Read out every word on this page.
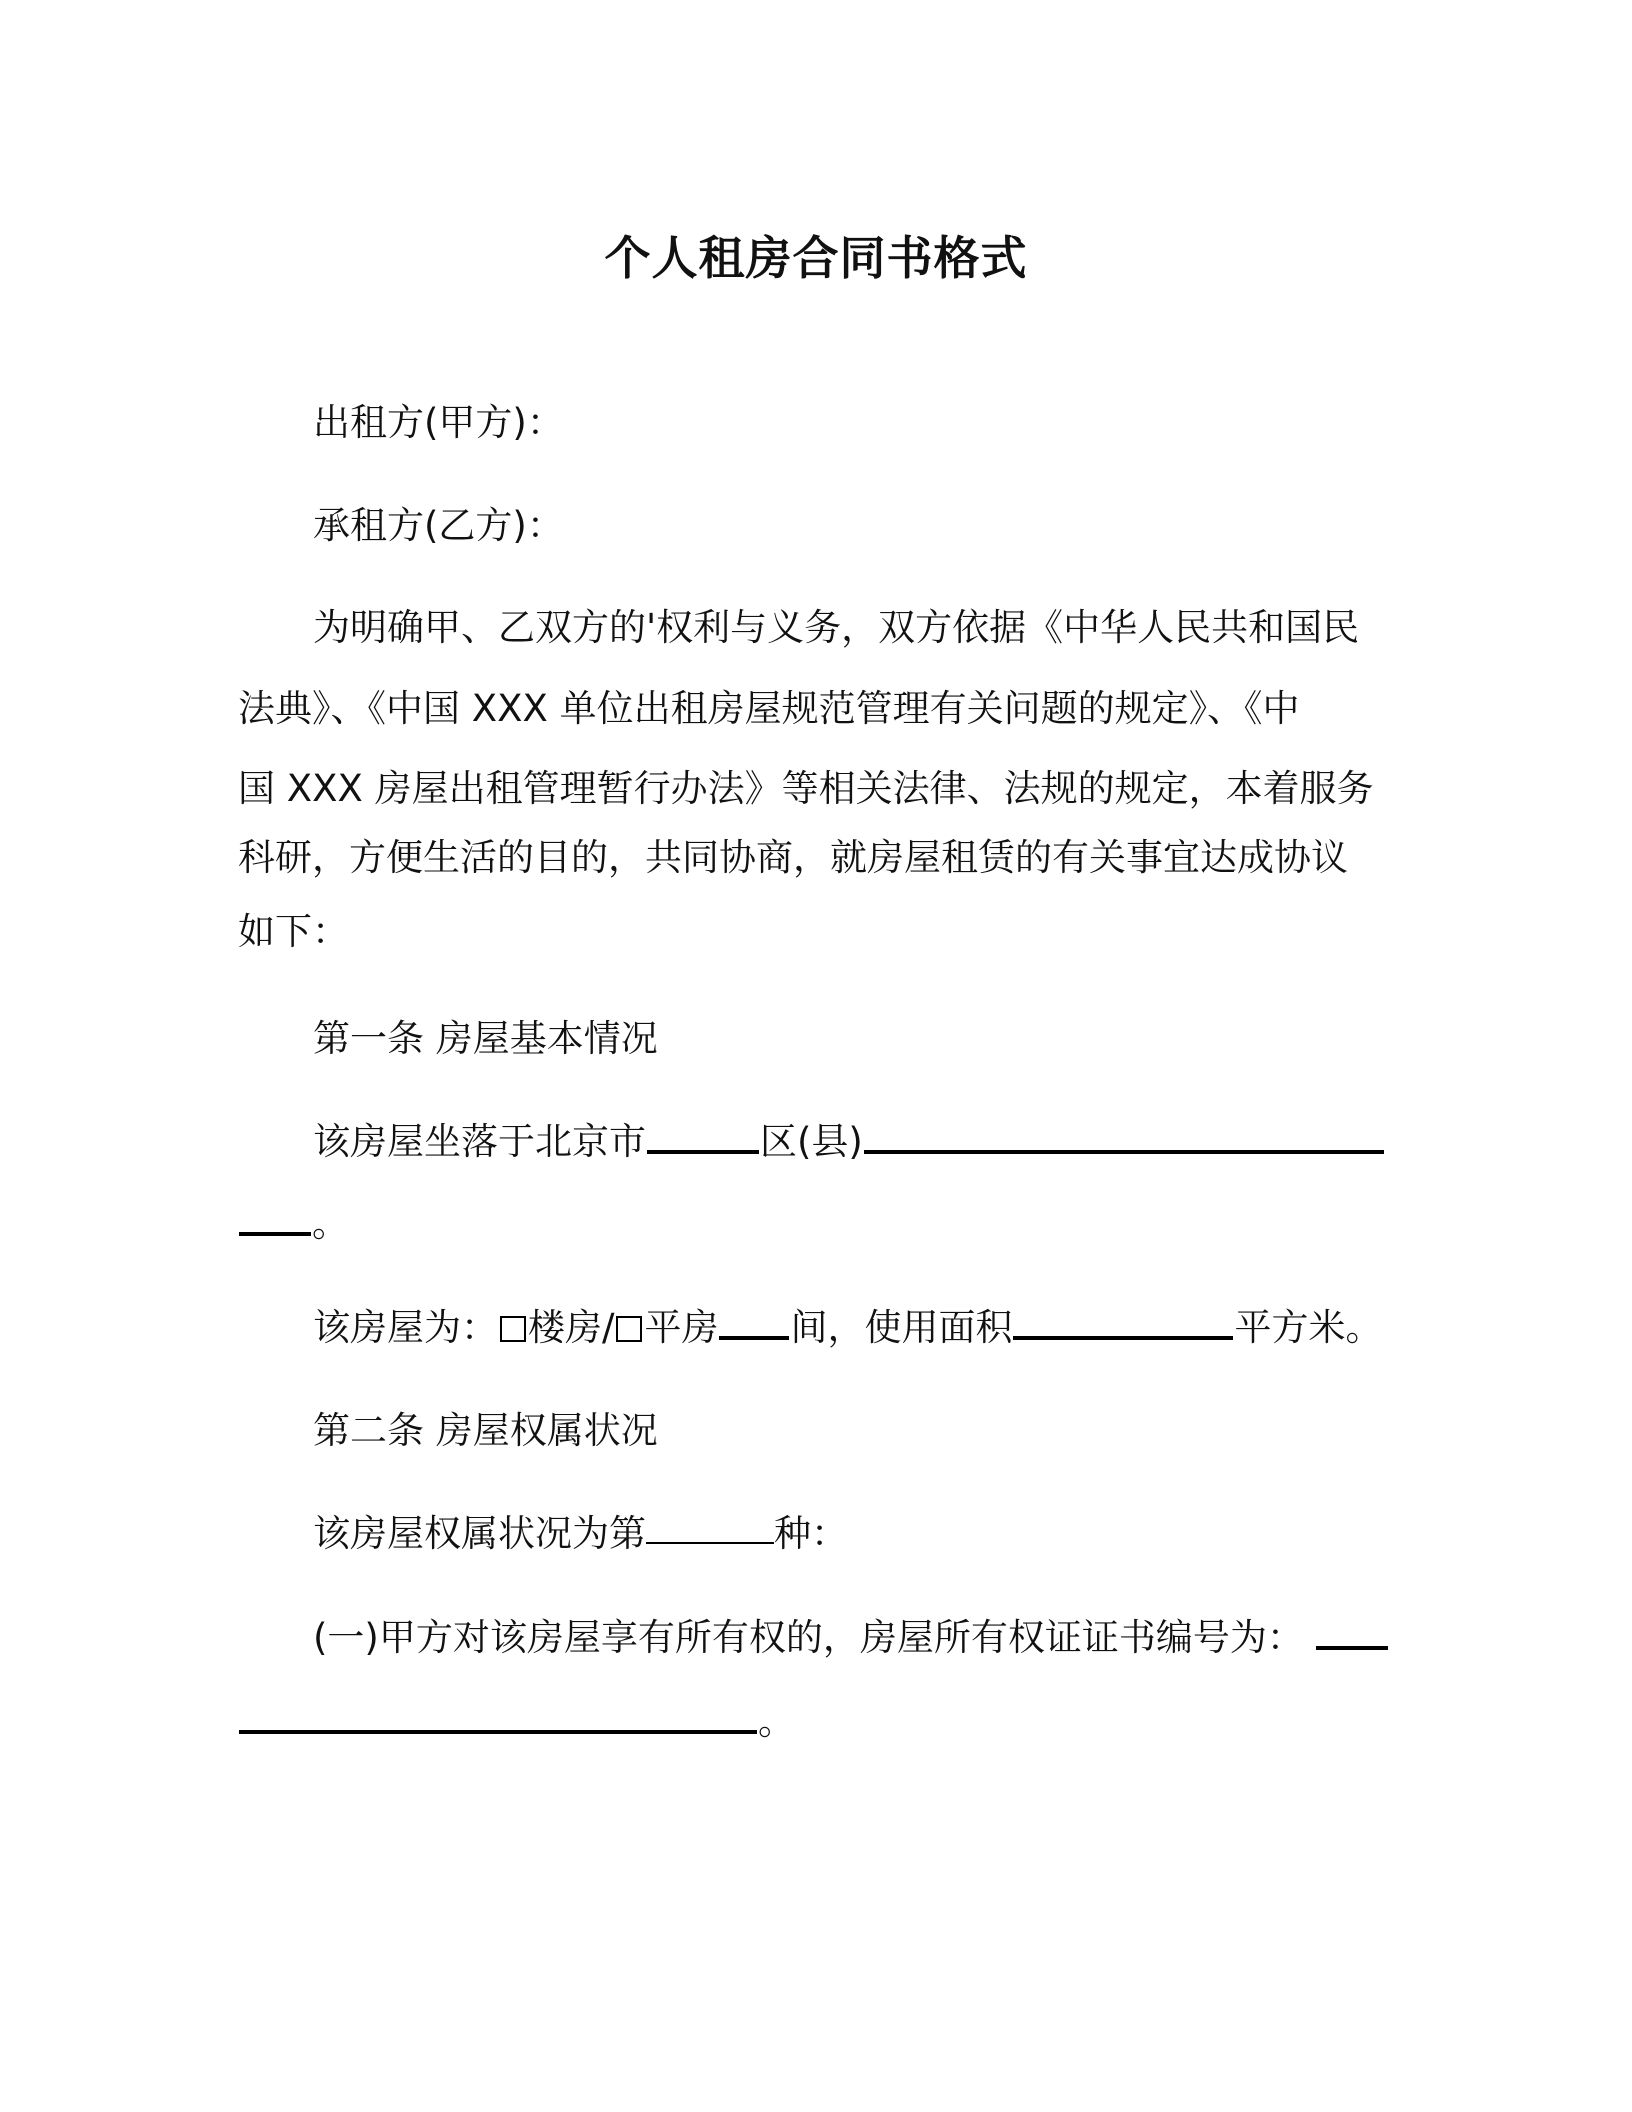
个人租房合同书格式
出租方(甲方)：
承租方(乙方)：
为明确甲、乙双方的'权利与义务，双方依据《中华人民共和国民
法典》、《中国 XXX 单位出租房屋规范管理有关问题的规定》、《中
国 XXX 房屋出租管理暂行办法》等相关法律、法规的规定，本着服务
科研，方便生活的目的，共同协商，就房屋租赁的有关事宜达成协议
如下：
第一条 房屋基本情况
该房屋坐落于北京市	区(县)
。
该房屋为： 楼房/ 平房 间，使用面积	平方米。
第二条 房屋权属状况
该房屋权属状况为第	种：
(一)甲方对该房屋享有所有权的，房屋所有权证证书编号为：
。
